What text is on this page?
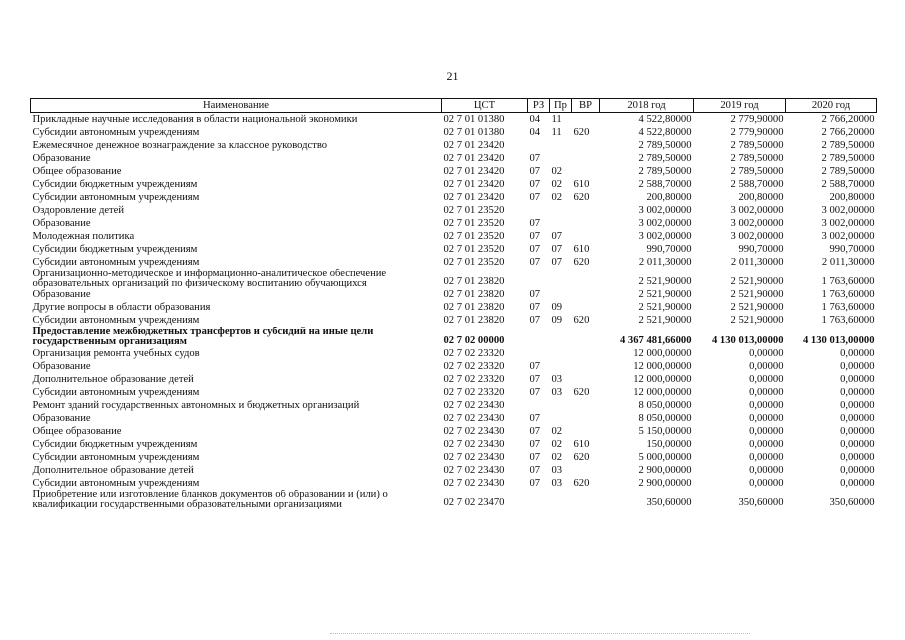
21
Наименование	ЦСТ	РЗ	Пр	ВР	2018 год	2019 год	2020 год
Прикладные научные исследования в области национальной экономики	02 7 01 01380	04	11		4 522,80000	2 779,90000	2 766,20000
Субсидии автономным учреждениям	02 7 01 01380	04	11	620	4 522,80000	2 779,90000	2 766,20000
Ежемесячное денежное вознаграждение за классное руководство	02 7 01 23420				2 789,50000	2 789,50000	2 789,50000
Образование	02 7 01 23420	07			2 789,50000	2 789,50000	2 789,50000
Общее образование	02 7 01 23420	07	02		2 789,50000	2 789,50000	2 789,50000
Субсидии бюджетным учреждениям	02 7 01 23420	07	02	610	2 588,70000	2 588,70000	2 588,70000
Субсидии автономным учреждениям	02 7 01 23420	07	02	620	200,80000	200,80000	200,80000
Оздоровление детей	02 7 01 23520				3 002,00000	3 002,00000	3 002,00000
Образование	02 7 01 23520	07			3 002,00000	3 002,00000	3 002,00000
Молодежная политика	02 7 01 23520	07	07		3 002,00000	3 002,00000	3 002,00000
Субсидии бюджетным учреждениям	02 7 01 23520	07	07	610	990,70000	990,70000	990,70000
Субсидии автономным учреждениям	02 7 01 23520	07	07	620	2 011,30000	2 011,30000	2 011,30000
Организационно-методическое и информационно-аналитическое обеспечение образовательных организаций по физическому воспитанию обучающихся	02 7 01 23820				2 521,90000	2 521,90000	1 763,60000
Образование	02 7 01 23820	07			2 521,90000	2 521,90000	1 763,60000
Другие вопросы в области образования	02 7 01 23820	07	09		2 521,90000	2 521,90000	1 763,60000
Субсидии автономным учреждениям	02 7 01 23820	07	09	620	2 521,90000	2 521,90000	1 763,60000
Предоставление межбюджетных трансфертов и субсидий на иные цели государственным организациям	02 7 02 00000				4 367 481,66000	4 130 013,00000	4 130 013,00000
Организация ремонта учебных судов	02 7 02 23320				12 000,00000	0,00000	0,00000
Образование	02 7 02 23320	07			12 000,00000	0,00000	0,00000
Дополнительное образование детей	02 7 02 23320	07	03		12 000,00000	0,00000	0,00000
Субсидии автономным учреждениям	02 7 02 23320	07	03	620	12 000,00000	0,00000	0,00000
Ремонт зданий государственных автономных и бюджетных организаций	02 7 02 23430				8 050,00000	0,00000	0,00000
Образование	02 7 02 23430	07			8 050,00000	0,00000	0,00000
Общее образование	02 7 02 23430	07	02		5 150,00000	0,00000	0,00000
Субсидии бюджетным учреждениям	02 7 02 23430	07	02	610	150,00000	0,00000	0,00000
Субсидии автономным учреждениям	02 7 02 23430	07	02	620	5 000,00000	0,00000	0,00000
Дополнительное образование детей	02 7 02 23430	07	03		2 900,00000	0,00000	0,00000
Субсидии автономным учреждениям	02 7 02 23430	07	03	620	2 900,00000	0,00000	0,00000
Приобретение или изготовление бланков документов об образовании и (или) о квалификации государственными образовательными организациями	02 7 02 23470				350,60000	350,60000	350,60000
